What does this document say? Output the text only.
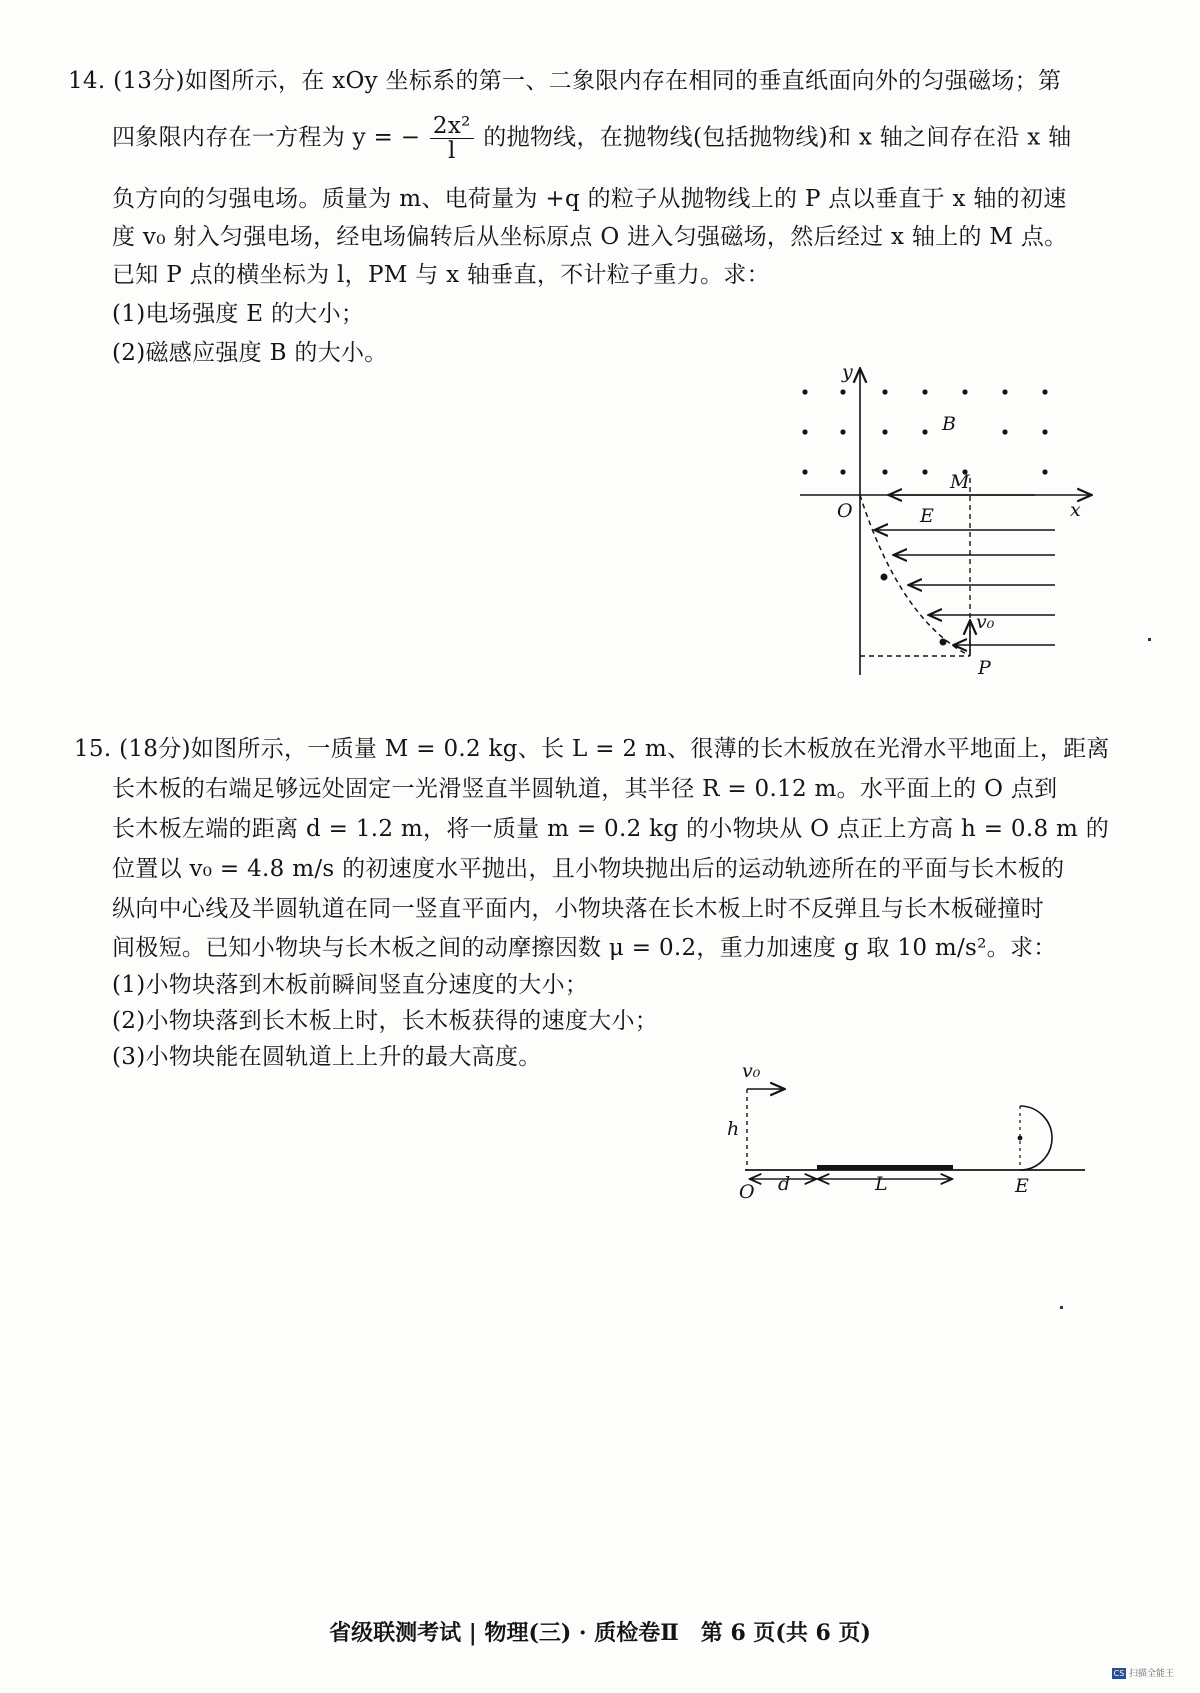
14. (13分)如图所示，在 xOy 坐标系的第一、二象限内存在相同的垂直纸面向外的匀强磁场；第
四象限内存在一方程为 y = − $\frac{\text{2x²}}{l}$ 的抛物线，在抛物线(包括抛物线)和 x 轴之间存在沿 x 轴
负方向的匀强电场。质量为 m、电荷量为 +q 的粒子从抛物线上的 P 点以垂直于 x 轴的初速
度 v₀ 射入匀强电场，经电场偏转后从坐标原点 O 进入匀强磁场，然后经过 x 轴上的 M 点。
已知 P 点的横坐标为 l，PM 与 x 轴垂直，不计粒子重力。求：
(1)电场强度 E 的大小；
(2)磁感应强度 B 的大小。
y
x
O
B
M
E
v₀
P
15. (18分)如图所示，一质量 M = 0.2 kg、长 L = 2 m、很薄的长木板放在光滑水平地面上，距离
长木板的右端足够远处固定一光滑竖直半圆轨道，其半径 R = 0.12 m。水平面上的 O 点到
长木板左端的距离 d = 1.2 m，将一质量 m = 0.2 kg 的小物块从 O 点正上方高 h = 0.8 m 的
位置以 v₀ = 4.8 m/s 的初速度水平抛出，且小物块抛出后的运动轨迹所在的平面与长木板的
纵向中心线及半圆轨道在同一竖直平面内，小物块落在长木板上时不反弹且与长木板碰撞时
间极短。已知小物块与长木板之间的动摩擦因数 μ = 0.2，重力加速度 g 取 10 m/s²。求：
(1)小物块落到木板前瞬间竖直分速度的大小；
(2)小物块落到长木板上时，长木板获得的速度大小；
(3)小物块能在圆轨道上上升的最大高度。
v₀
h
O d	L	E
省级联测考试 | 物理(三) · 质检卷Ⅱ　第 6 页(共 6 页)
CS 扫描全能王
